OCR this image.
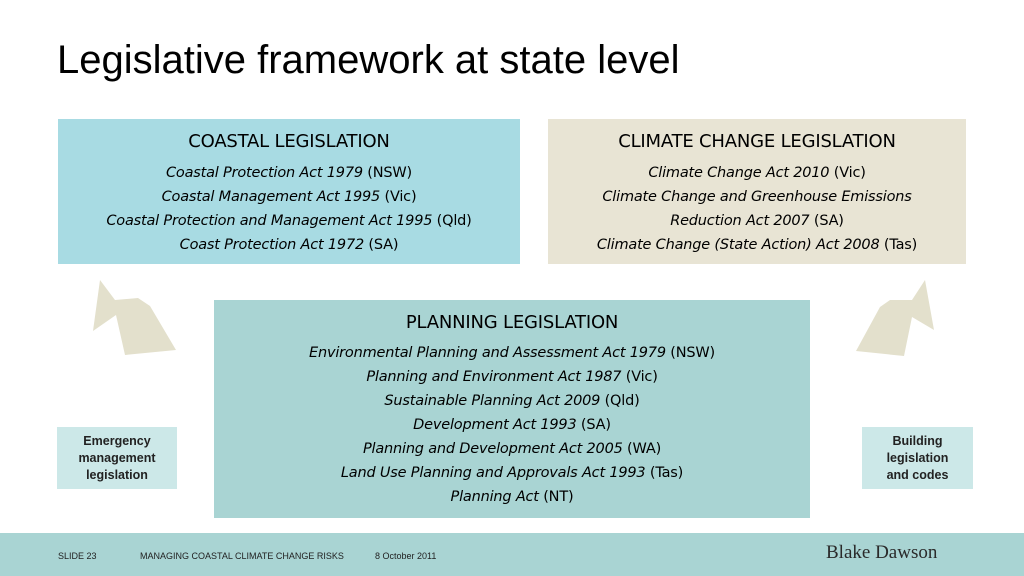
Legislative framework at state level
COASTAL LEGISLATION
Coastal Protection Act 1979 (NSW)
Coastal Management Act 1995 (Vic)
Coastal Protection and Management Act 1995 (Qld)
Coast Protection Act 1972 (SA)
CLIMATE CHANGE LEGISLATION
Climate Change Act 2010 (Vic)
Climate Change and Greenhouse Emissions
Reduction Act 2007 (SA)
Climate Change (State Action) Act 2008 (Tas)
PLANNING LEGISLATION
Environmental Planning and Assessment Act 1979 (NSW)
Planning and Environment Act 1987 (Vic)
Sustainable Planning Act 2009 (Qld)
Development Act 1993 (SA)
Planning and Development Act 2005 (WA)
Land Use Planning and Approvals Act 1993 (Tas)
Planning Act (NT)
Emergency
management
legislation
Building
legislation
and codes
SLIDE 23	MANAGING COASTAL CLIMATE CHANGE RISKS	8 October 2011	Blake Dawson
